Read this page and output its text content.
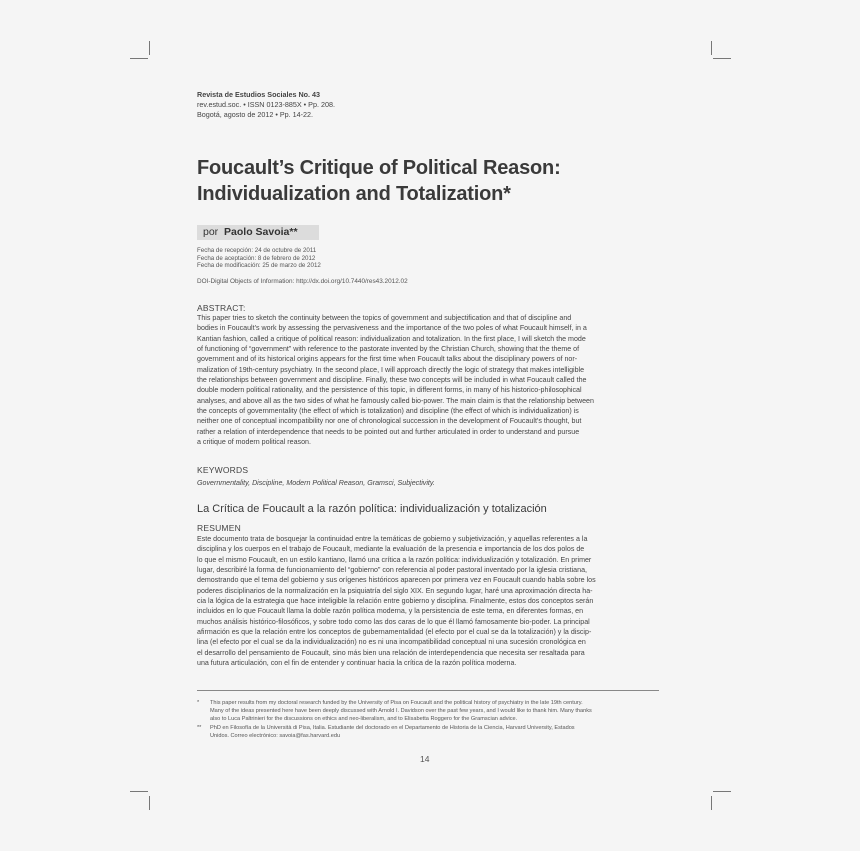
Revista de Estudios Sociales No. 43
rev.estud.soc. • ISSN 0123-885X • Pp. 208.
Bogotá, agosto de 2012 • Pp. 14-22.
Foucault’s Critique of Political Reason:
Individualization and Totalization*
por Paolo Savoia**
Fecha de recepción: 24 de octubre de 2011
Fecha de aceptación: 8 de febrero de 2012
Fecha de modificación: 25 de marzo de 2012
DOI-Digital Objects of Information: http://dx.doi.org/10.7440/res43.2012.02
ABSTRACT:
This paper tries to sketch the continuity between the topics of government and subjectification and that of discipline and
bodies in Foucault’s work by assessing the pervasiveness and the importance of the two poles of what Foucault himself, in a
Kantian fashion, called a critique of political reason: individualization and totalization. In the first place, I will sketch the mode
of functioning of “government” with reference to the pastorate invented by the Christian Church, showing that the theme of
government and of its historical origins appears for the first time when Foucault talks about the disciplinary powers of nor-
malization of 19th-century psychiatry. In the second place, I will approach directly the logic of strategy that makes intelligible
the relationships between government and discipline. Finally, these two concepts will be included in what Foucault called the
double modern political rationality, and the persistence of this topic, in different forms, in many of his historico-philosophical
analyses, and above all as the two sides of what he famously called bio-power. The main claim is that the relationship between
the concepts of governmentality (the effect of which is totalization) and discipline (the effect of which is individualization) is
neither one of conceptual incompatibility nor one of chronological succession in the development of Foucault’s thought, but
rather a relation of interdependence that needs to be pointed out and further articulated in order to understand and pursue
a critique of modern political reason.
KEYWORDS
Governmentality, Discipline, Modern Political Reason, Gramsci, Subjectivity.
La Crítica de Foucault a la razón política: individualización y totalización
RESUMEN
Este documento trata de bosquejar la continuidad entre la temáticas de gobierno y subjetivización, y aquellas referentes a la
disciplina y los cuerpos en el trabajo de Foucault, mediante la evaluación de la presencia e importancia de los dos polos de
lo que el mismo Foucault, en un estilo kantiano, llamó una crítica a la razón política: individualización y totalización. En primer
lugar, describiré la forma de funcionamiento del “gobierno” con referencia al poder pastoral inventado por la iglesia cristiana,
demostrando que el tema del gobierno y sus orígenes históricos aparecen por primera vez en Foucault cuando habla sobre los
poderes disciplinarios de la normalización en la psiquiatría del siglo XIX. En segundo lugar, haré una aproximación directa ha-
cia la lógica de la estrategia que hace inteligible la relación entre gobierno y disciplina. Finalmente, estos dos conceptos serán
incluidos en lo que Foucault llama la doble razón política moderna, y la persistencia de este tema, en diferentes formas, en
muchos análisis histórico-filosóficos, y sobre todo como las dos caras de lo que él llamó famosamente bio-poder. La principal
afirmación es que la relación entre los conceptos de gubernamentalidad (el efecto por el cual se da la totalización) y la discip-
lina (el efecto por el cual se da la individualización) no es ni una incompatibilidad conceptual ni una sucesión cronológica en
el desarrollo del pensamiento de Foucault, sino más bien una relación de interdependencia que necesita ser resaltada para
una futura articulación, con el fin de entender y continuar hacia la crítica de la razón política moderna.
* This paper results from my doctoral research funded by the University of Pisa on Foucault and the political history of psychiatry in the late 19th century.
Many of the ideas presented here have been deeply discussed with Arnold I. Davidson over the past few years, and I would like to thank him. Many thanks
also to Luca Paltrinieri for the discussions on ethics and neo-liberalism, and to Elisabetta Roggero for the Gramscian advice.
** PhD en Filosofía de la Università di Pisa, Italia. Estudiante del doctorado en el Departamento de Historia de la Ciencia, Harvard University, Estados
Unidos. Correo electrónico: savoia@fas.harvard.edu
14
